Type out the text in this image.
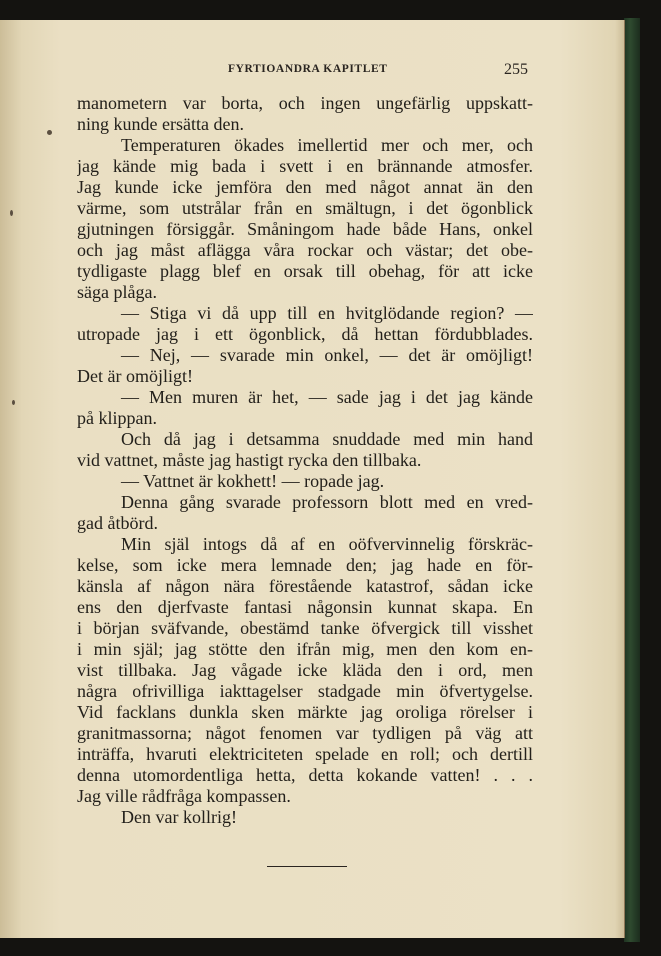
FYRTIOANDRA KAPITLET	255
manometern var borta, och ingen ungefärlig uppskatt-
ning kunde ersätta den.
Temperaturen ökades imellertid mer och mer, och
jag kände mig bada i svett i en brännande atmosfer.
Jag kunde icke jemföra den med något annat än den
värme, som utstrålar från en smältugn, i det ögonblick
gjutningen försiggår. Småningom hade både Hans, onkel
och jag måst aflägga våra rockar och västar; det obe-
tydligaste plagg blef en orsak till obehag, för att icke
säga plåga.
— Stiga vi då upp till en hvitglödande region? —
utropade jag i ett ögonblick, då hettan fördubblades.
— Nej, — svarade min onkel, — det är omöjligt!
Det är omöjligt!
— Men muren är het, — sade jag i det jag kände
på klippan.
Och då jag i detsamma snuddade med min hand
vid vattnet, måste jag hastigt rycka den tillbaka.
— Vattnet är kokhett! — ropade jag.
Denna gång svarade professorn blott med en vred-
gad åtbörd.
Min själ intogs då af en oöfvervinnelig förskräc-
kelse, som icke mera lemnade den; jag hade en för-
känsla af någon nära förestående katastrof, sådan icke
ens den djerfvaste fantasi någonsin kunnat skapa. En
i början sväfvande, obestämd tanke öfvergick till visshet
i min själ; jag stötte den ifrån mig, men den kom en-
vist tillbaka. Jag vågade icke kläda den i ord, men
några ofrivilliga iakttagelser stadgade min öfvertygelse.
Vid facklans dunkla sken märkte jag oroliga rörelser i
granitmassorna; något fenomen var tydligen på väg att
inträffa, hvaruti elektriciteten spelade en roll; och dertill
denna utomordentliga hetta, detta kokande vatten! . . .
Jag ville rådfråga kompassen.
Den var kollrig!
